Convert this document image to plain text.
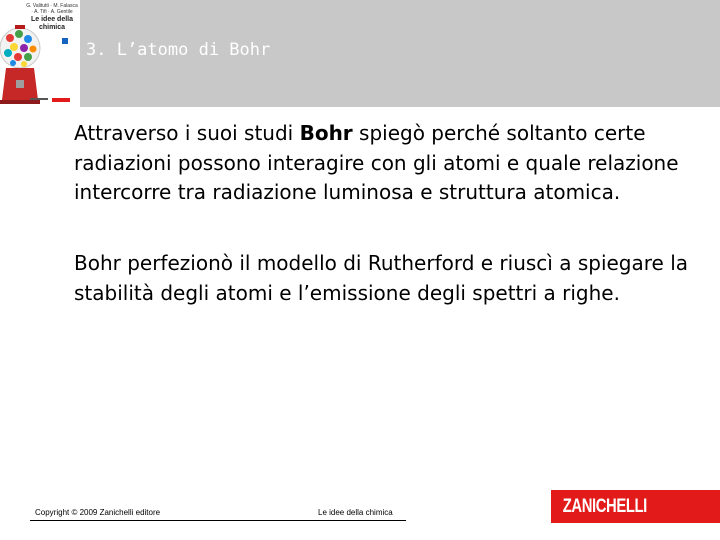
G. Valitutti · M. Falasca · A. Tifi · A. Gentile
Le idee della
chimica
3. L’atomo di Bohr
Attraverso i suoi studi Bohr spiegò perché soltanto certe radiazioni possono interagire con gli atomi e quale relazione intercorre tra radiazione luminosa e struttura atomica.
Bohr perfezionò il modello di Rutherford e riuscì a spiegare la stabilità degli atomi e l’emissione degli spettri a righe.
Copyright © 2009 Zanichelli editore	Le idee della chimica	ZANICHELLI
